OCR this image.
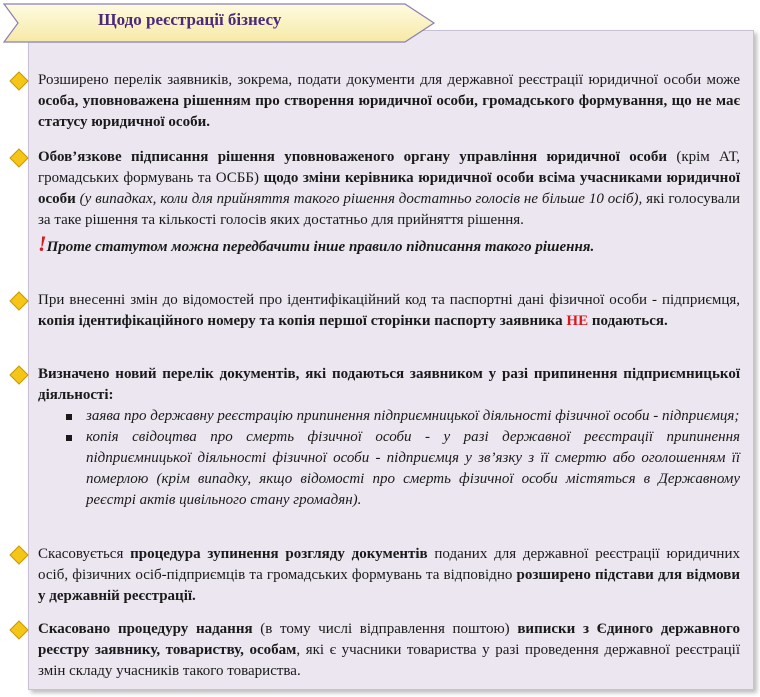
Щодо реєстрації бізнесу
Розширено перелік заявників, зокрема, подати документи для державної реєстрації юридичної особи може особа, уповноважена рішенням про створення юридичної особи, громадського формування, що не має статусу юридичної особи.
Обов’язкове підписання рішення уповноваженого органу управління юридичної особи (крім АТ, громадських формувань та ОСББ) щодо зміни керівника юридичної особи всіма учасниками юридичної особи (у випадках, коли для прийняття такого рішення достатньо голосів не більше 10 осіб), які голосували за таке рішення та кількості голосів яких достатньо для прийняття рішення.
!Проте статутом можна передбачити інше правило підписання такого рішення.
При внесенні змін до відомостей про ідентифікаційний код та паспортні дані фізичної особи - підприємця, копія ідентифікаційного номеру та копія першої сторінки паспорту заявника НЕ подаються.
Визначено новий перелік документів, які подаються заявником у разі припинення підприємницької діяльності:
заява про державну реєстрацію припинення підприємницької діяльності фізичної особи - підприємця;
копія свідоцтва про смерть фізичної особи - у разі державної реєстрації припинення підприємницької діяльності фізичної особи - підприємця у зв’язку з її смертю або оголошенням її померлою (крім випадку, якщо відомості про смерть фізичної особи містяться в Державному реєстрі актів цивільного стану громадян).
Скасовується процедура зупинення розгляду документів поданих для державної реєстрації юридичних осіб, фізичних осіб-підприємців та громадських формувань та відповідно розширено підстави для відмови у державній реєстрації.
Скасовано процедуру надання (в тому числі відправлення поштою) виписки з Єдиного державного реєстру заявнику, товариству, особам, які є учасники товариства у разі проведення державної реєстрації змін складу учасників такого товариства.
